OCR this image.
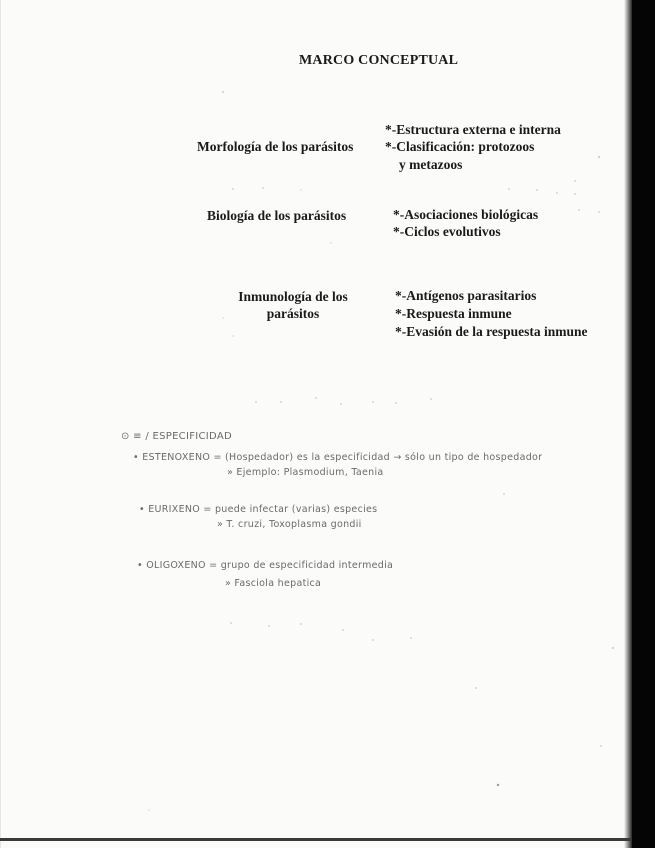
MARCO CONCEPTUAL
Morfología de los parásitos
*-Estructura externa e interna
*-Clasificación: protozoos
y metazoos
Biología de los parásitos	*-Asociaciones biológicas
*-Ciclos evolutivos
Inmunología de los
parásitos
*-Antígenos parasitarios
*-Respuesta inmune
*-Evasión de la respuesta inmune
⊙ ≡ / ESPECIFICIDAD
• ESTENOXENO = (Hospedador) es la especificidad → sólo un tipo de hospedador
» Ejemplo: Plasmodium, Taenia
• EURIXENO = puede infectar (varias) especies
» T. cruzi, Toxoplasma gondii
• OLIGOXENO = grupo de especificidad intermedia
» Fasciola hepatica
